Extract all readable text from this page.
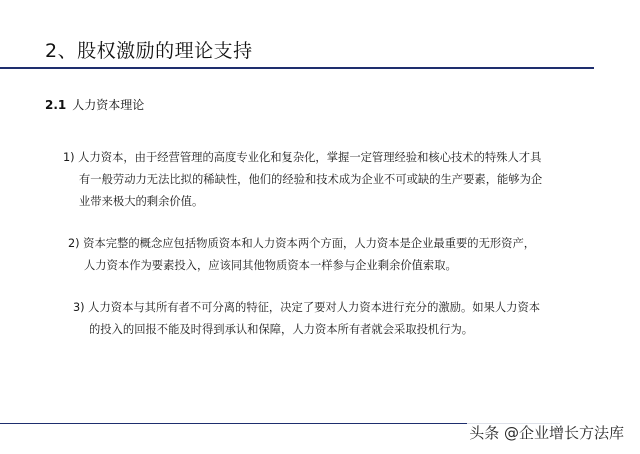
2、股权激励的理论支持
2.1 人力资本理论
1) 人力资本，由于经营管理的高度专业化和复杂化，掌握一定管理经验和核心技术的特殊人才具
有一般劳动力无法比拟的稀缺性，他们的经验和技术成为企业不可或缺的生产要素，能够为企
业带来极大的剩余价值。
2) 资本完整的概念应包括物质资本和人力资本两个方面，人力资本是企业最重要的无形资产，
人力资本作为要素投入，应该同其他物质资本一样参与企业剩余价值索取。
3) 人力资本与其所有者不可分离的特征，决定了要对人力资本进行充分的激励。如果人力资本
的投入的回报不能及时得到承认和保障，人力资本所有者就会采取投机行为。
头条 @企业增长方法库
